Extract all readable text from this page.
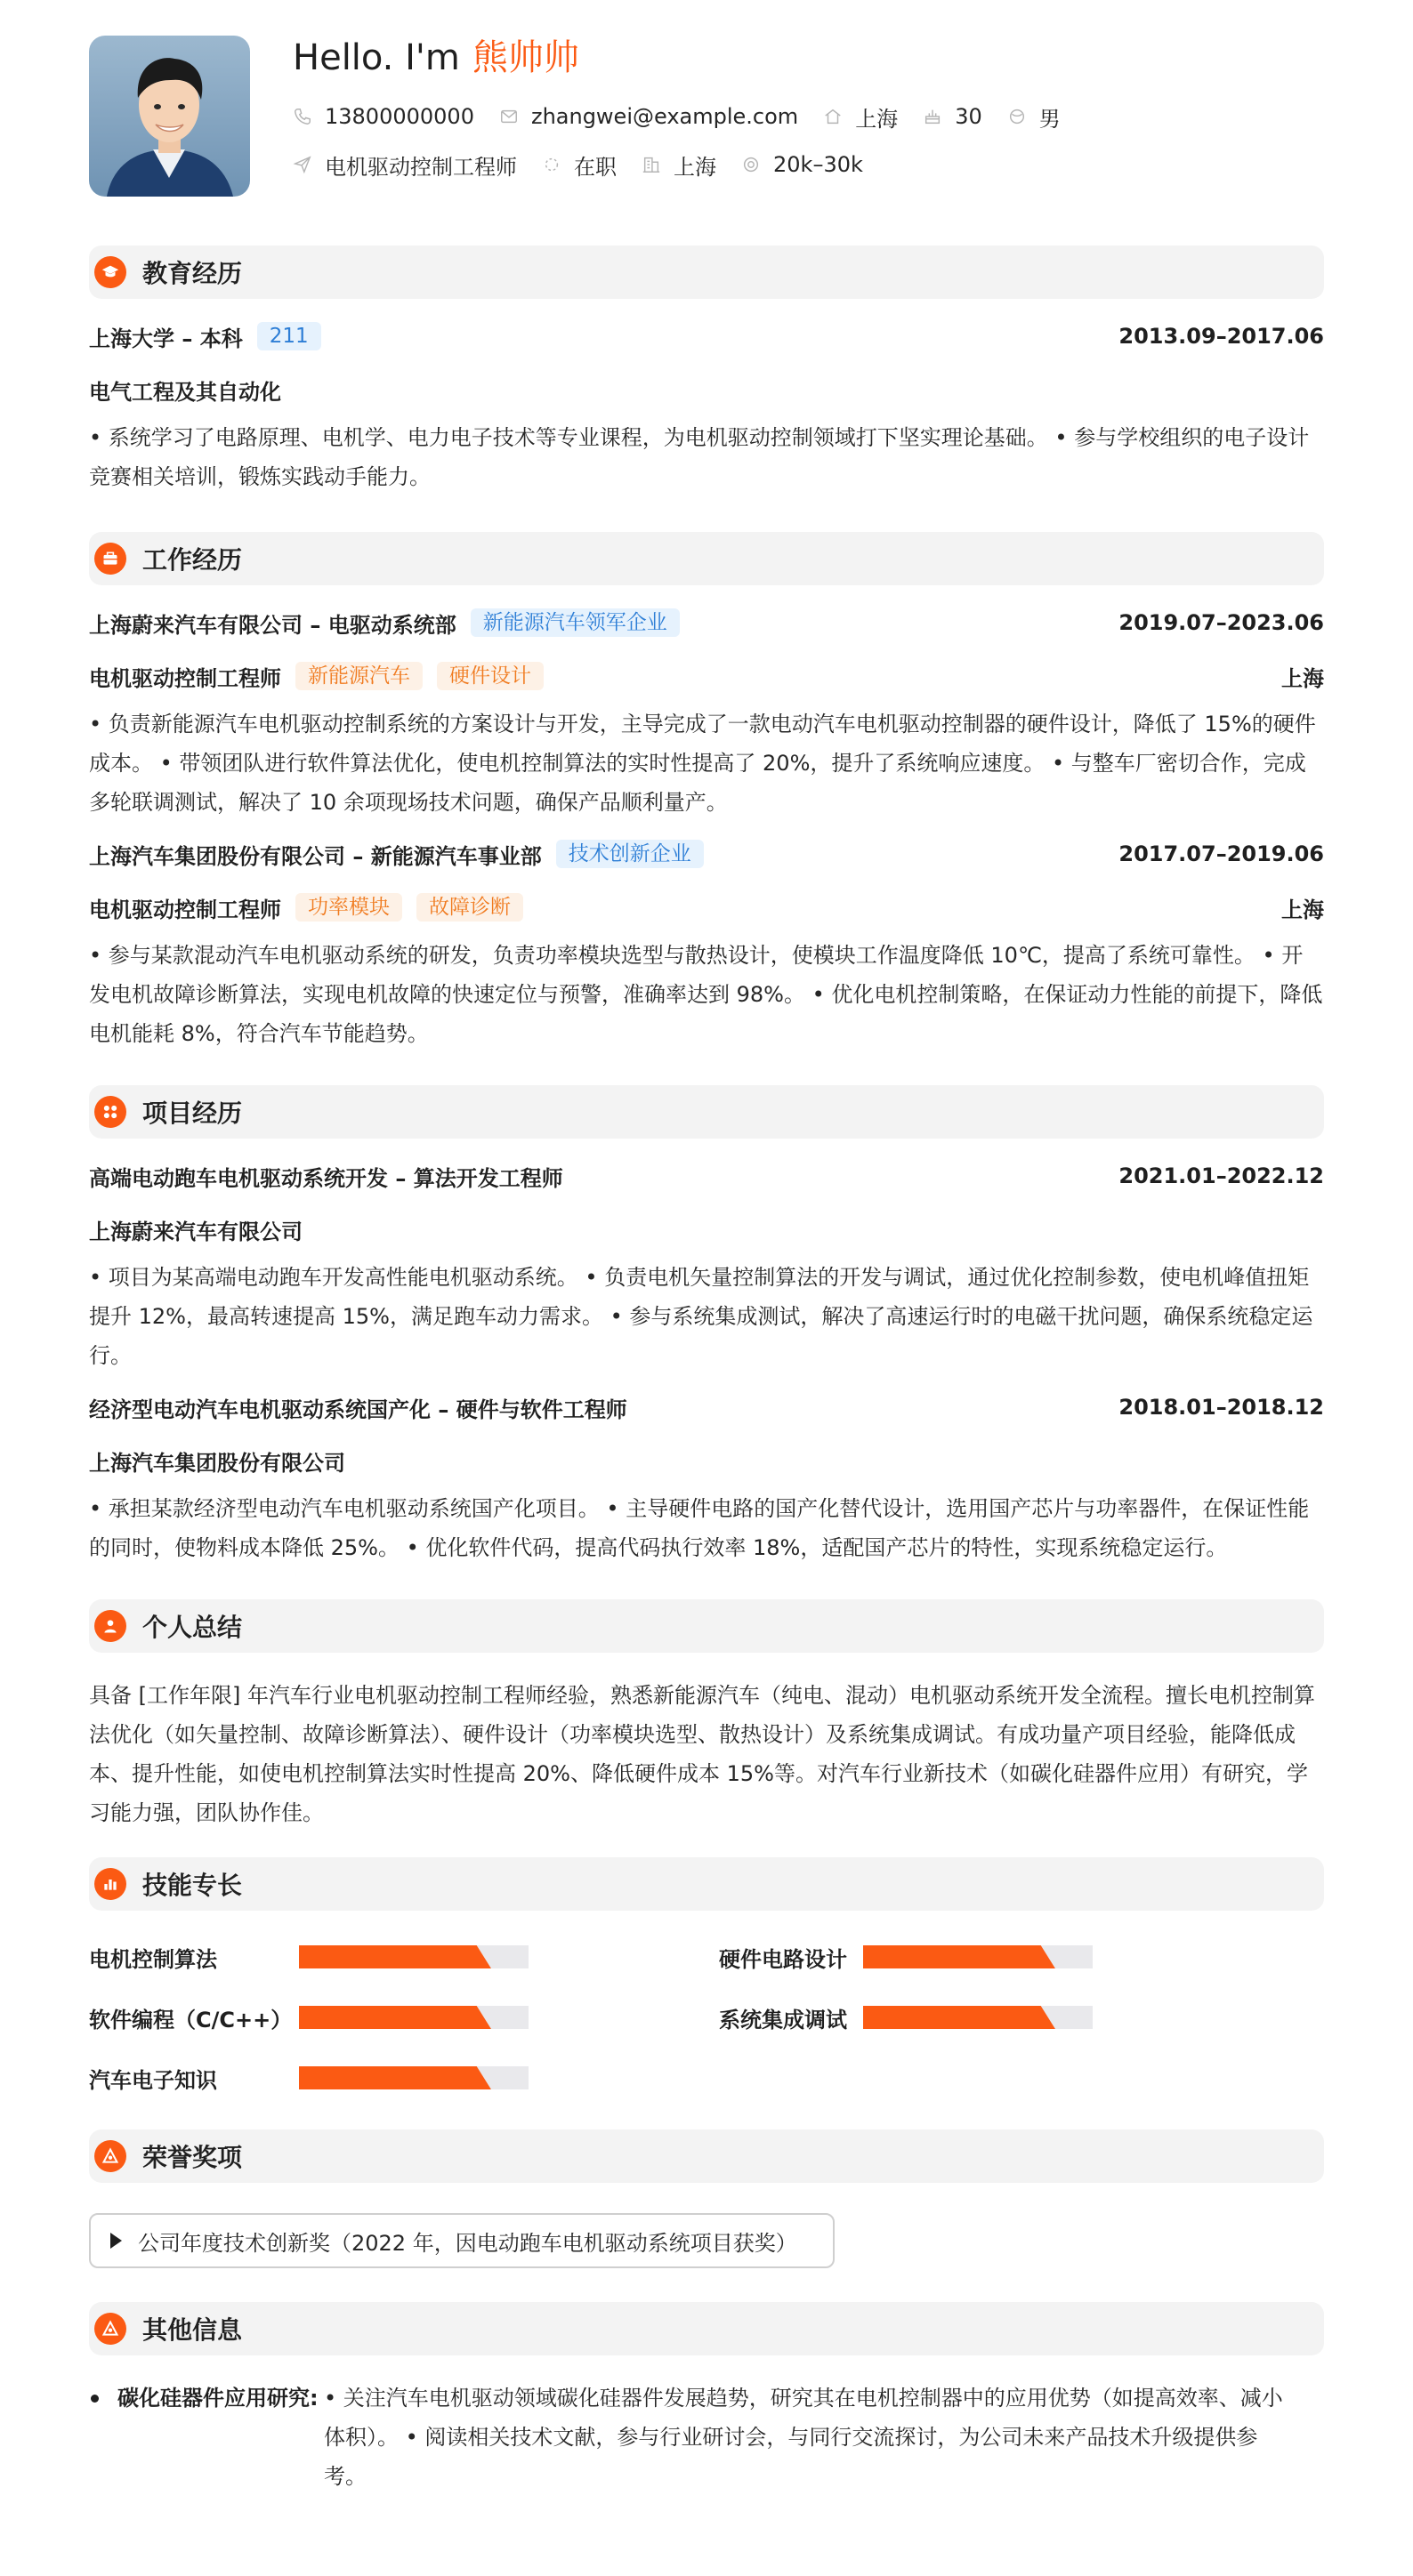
Hello. I'm 熊帅帅
13800000000	zhangwei@example.com	上海	30	男
电机驱动控制工程师	在职	上海	20k–30k
教育经历
上海大学 – 本科	211	2013.09–2017.06
电气工程及其自动化
• 系统学习了电路原理、电机学、电力电子技术等专业课程，为电机驱动控制领域打下坚实理论基础。 • 参与学校组织的电子设计竞赛相关培训，锻炼实践动手能力。
工作经历
上海蔚来汽车有限公司 – 电驱动系统部	新能源汽车领军企业	2019.07–2023.06
电机驱动控制工程师	新能源汽车	硬件设计	上海
• 负责新能源汽车电机驱动控制系统的方案设计与开发，主导完成了一款电动汽车电机驱动控制器的硬件设计，降低了 15%的硬件成本。 • 带领团队进行软件算法优化，使电机控制算法的实时性提高了 20%，提升了系统响应速度。 • 与整车厂密切合作，完成多轮联调测试，解决了 10 余项现场技术问题，确保产品顺利量产。
上海汽车集团股份有限公司 – 新能源汽车事业部	技术创新企业	2017.07–2019.06
电机驱动控制工程师	功率模块	故障诊断	上海
• 参与某款混动汽车电机驱动系统的研发，负责功率模块选型与散热设计，使模块工作温度降低 10℃，提高了系统可靠性。 • 开发电机故障诊断算法，实现电机故障的快速定位与预警，准确率达到 98%。 • 优化电机控制策略，在保证动力性能的前提下，降低电机能耗 8%，符合汽车节能趋势。
项目经历
高端电动跑车电机驱动系统开发 – 算法开发工程师	2021.01–2022.12
上海蔚来汽车有限公司
• 项目为某高端电动跑车开发高性能电机驱动系统。 • 负责电机矢量控制算法的开发与调试，通过优化控制参数，使电机峰值扭矩提升 12%，最高转速提高 15%，满足跑车动力需求。 • 参与系统集成测试，解决了高速运行时的电磁干扰问题，确保系统稳定运行。
经济型电动汽车电机驱动系统国产化 – 硬件与软件工程师	2018.01–2018.12
上海汽车集团股份有限公司
• 承担某款经济型电动汽车电机驱动系统国产化项目。 • 主导硬件电路的国产化替代设计，选用国产芯片与功率器件，在保证性能的同时，使物料成本降低 25%。 • 优化软件代码，提高代码执行效率 18%，适配国产芯片的特性，实现系统稳定运行。
个人总结
具备 [工作年限] 年汽车行业电机驱动控制工程师经验，熟悉新能源汽车（纯电、混动）电机驱动系统开发全流程。擅长电机控制算法优化（如矢量控制、故障诊断算法）、硬件设计（功率模块选型、散热设计）及系统集成调试。有成功量产项目经验，能降低成本、提升性能，如使电机控制算法实时性提高 20%、降低硬件成本 15%等。对汽车行业新技术（如碳化硅器件应用）有研究，学习能力强，团队协作佳。
技能专长
电机控制算法	硬件电路设计
软件编程（C/C++）	系统集成调试
汽车电子知识
荣誉奖项
公司年度技术创新奖（2022 年，因电动跑车电机驱动系统项目获奖）
其他信息
碳化硅器件应用研究: • 关注汽车电机驱动领域碳化硅器件发展趋势，研究其在电机控制器中的应用优势（如提高效率、减小体积）。 • 阅读相关技术文献，参与行业研讨会，与同行交流探讨，为公司未来产品技术升级提供参考。
